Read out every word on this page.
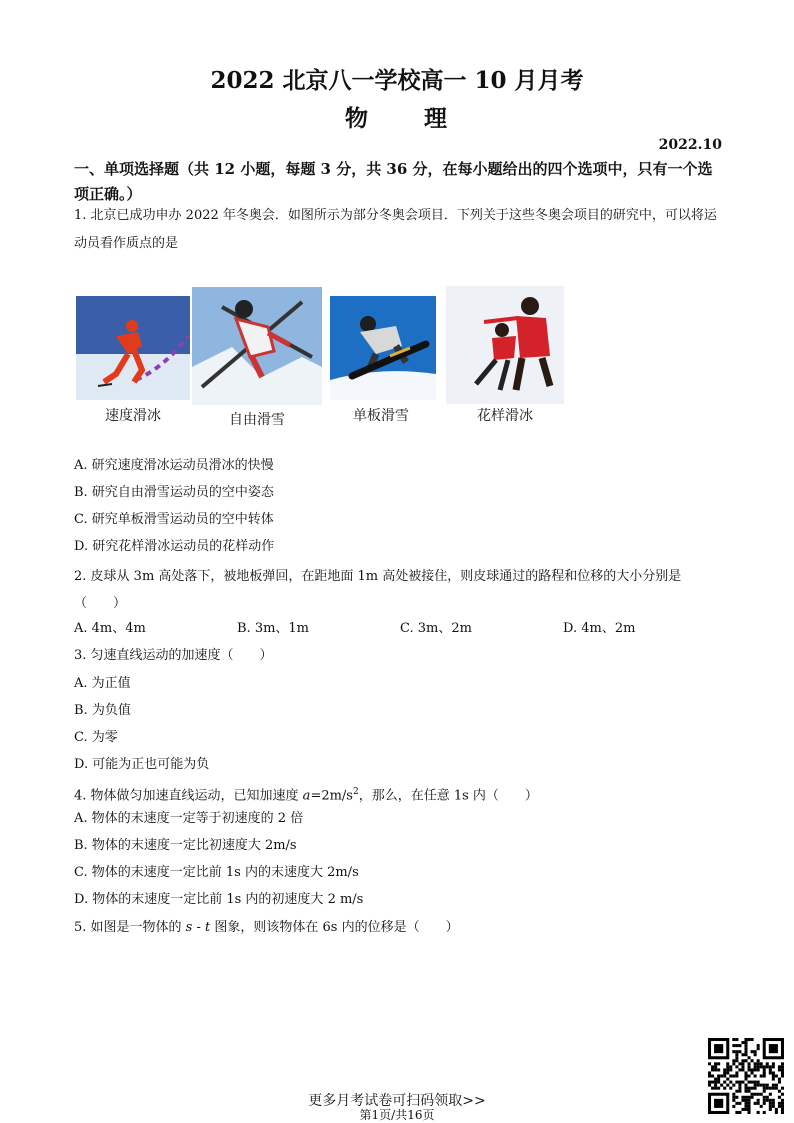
2022 北京八一学校高一 10 月月考
物 理
2022.10
一、单项选择题（共 12 小题，每题 3 分，共 36 分，在每小题给出的四个选项中，只有一个选项正确。）
1. 北京已成功申办 2022 年冬奥会．如图所示为部分冬奥会项目．下列关于这些冬奥会项目的研究中，可以将运动员看作质点的是
速度滑冰	自由滑雪	单板滑雪	花样滑冰
A. 研究速度滑冰运动员滑冰的快慢
B. 研究自由滑雪运动员的空中姿态
C. 研究单板滑雪运动员的空中转体
D. 研究花样滑冰运动员的花样动作
2. 皮球从 3m 高处落下，被地板弹回，在距地面 1m 高处被接住，则皮球通过的路程和位移的大小分别是（　　）
A. 4m、4m	B. 3m、1m	C. 3m、2m	D. 4m、2m
3. 匀速直线运动的加速度（　　）
A. 为正值
B. 为负值
C. 为零
D. 可能为正也可能为负
4. 物体做匀加速直线运动，已知加速度 $a=2m/s^2$，那么，在任意 1s 内（　　）
A. 物体的末速度一定等于初速度的 2 倍
B. 物体的末速度一定比初速度大 2m/s
C. 物体的末速度一定比前 1s 内的末速度大 2m/s
D. 物体的末速度一定比前 1s 内的初速度大 2 m/s
5. 如图是一物体的 s - t 图象，则该物体在 6s 内的位移是（　　）
更多月考试卷可扫码领取>>
第1页/共16页
